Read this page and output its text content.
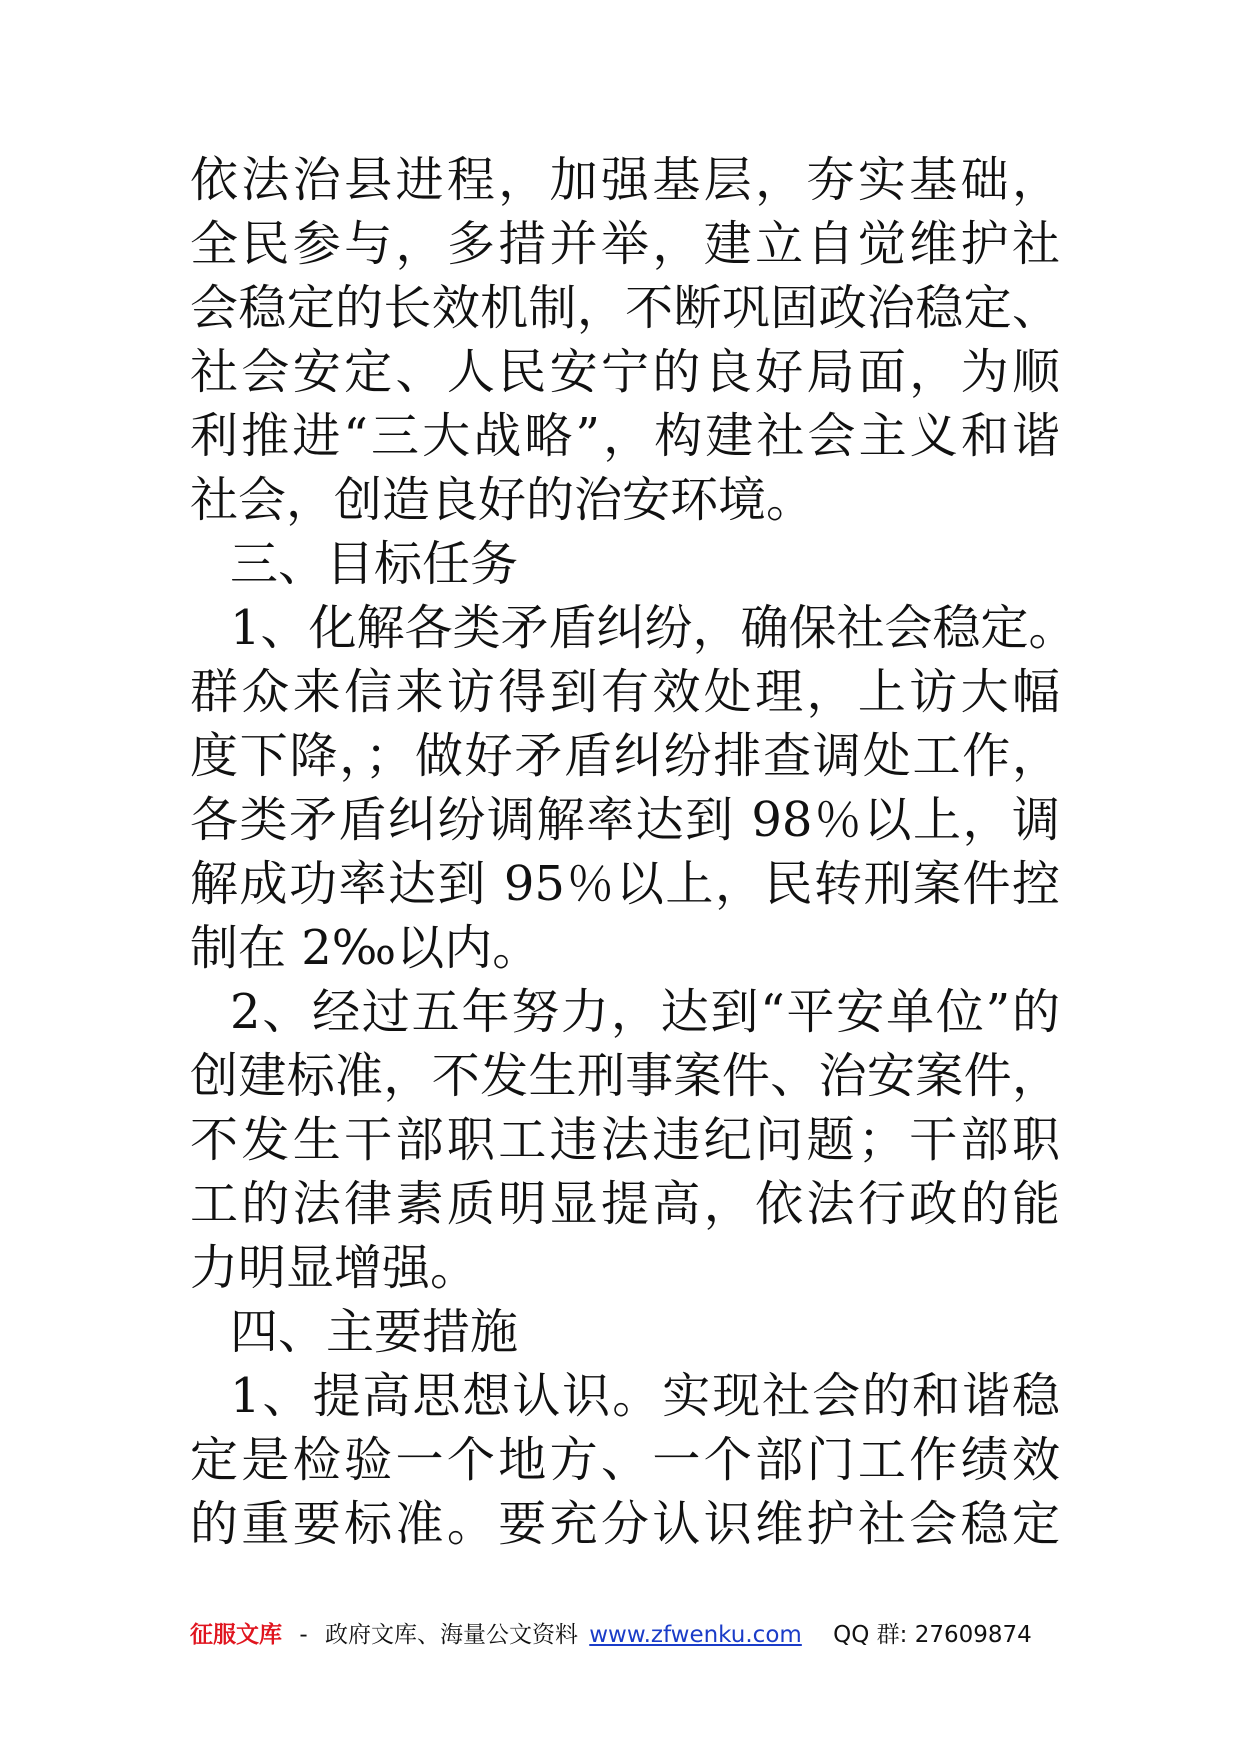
依法治县进程，加强基层，夯实基础，
全民参与，多措并举，建立自觉维护社
会稳定的长效机制，不断巩固政治稳定、
社会安定、人民安宁的良好局面，为顺
利推进“三大战略”，构建社会主义和谐
社会，创造良好的治安环境。
三、目标任务
1、化解各类矛盾纠纷，确保社会稳定。
群众来信来访得到有效处理，上访大幅
度下降，；做好矛盾纠纷排查调处工作，
各类矛盾纠纷调解率达到 98％以上，调
解成功率达到 95％以上，民转刑案件控
制在 2‰以内。
2、经过五年努力，达到“平安单位”的
创建标准，不发生刑事案件、治安案件，
不发生干部职工违法违纪问题；干部职
工的法律素质明显提高，依法行政的能
力明显增强。
四、主要措施
1、提高思想认识。实现社会的和谐稳
定是检验一个地方、一个部门工作绩效
的重要标准。要充分认识维护社会稳定
征服文库 - 政府文库、海量公文资料 www.zfwenku.com QQ 群: 27609874
